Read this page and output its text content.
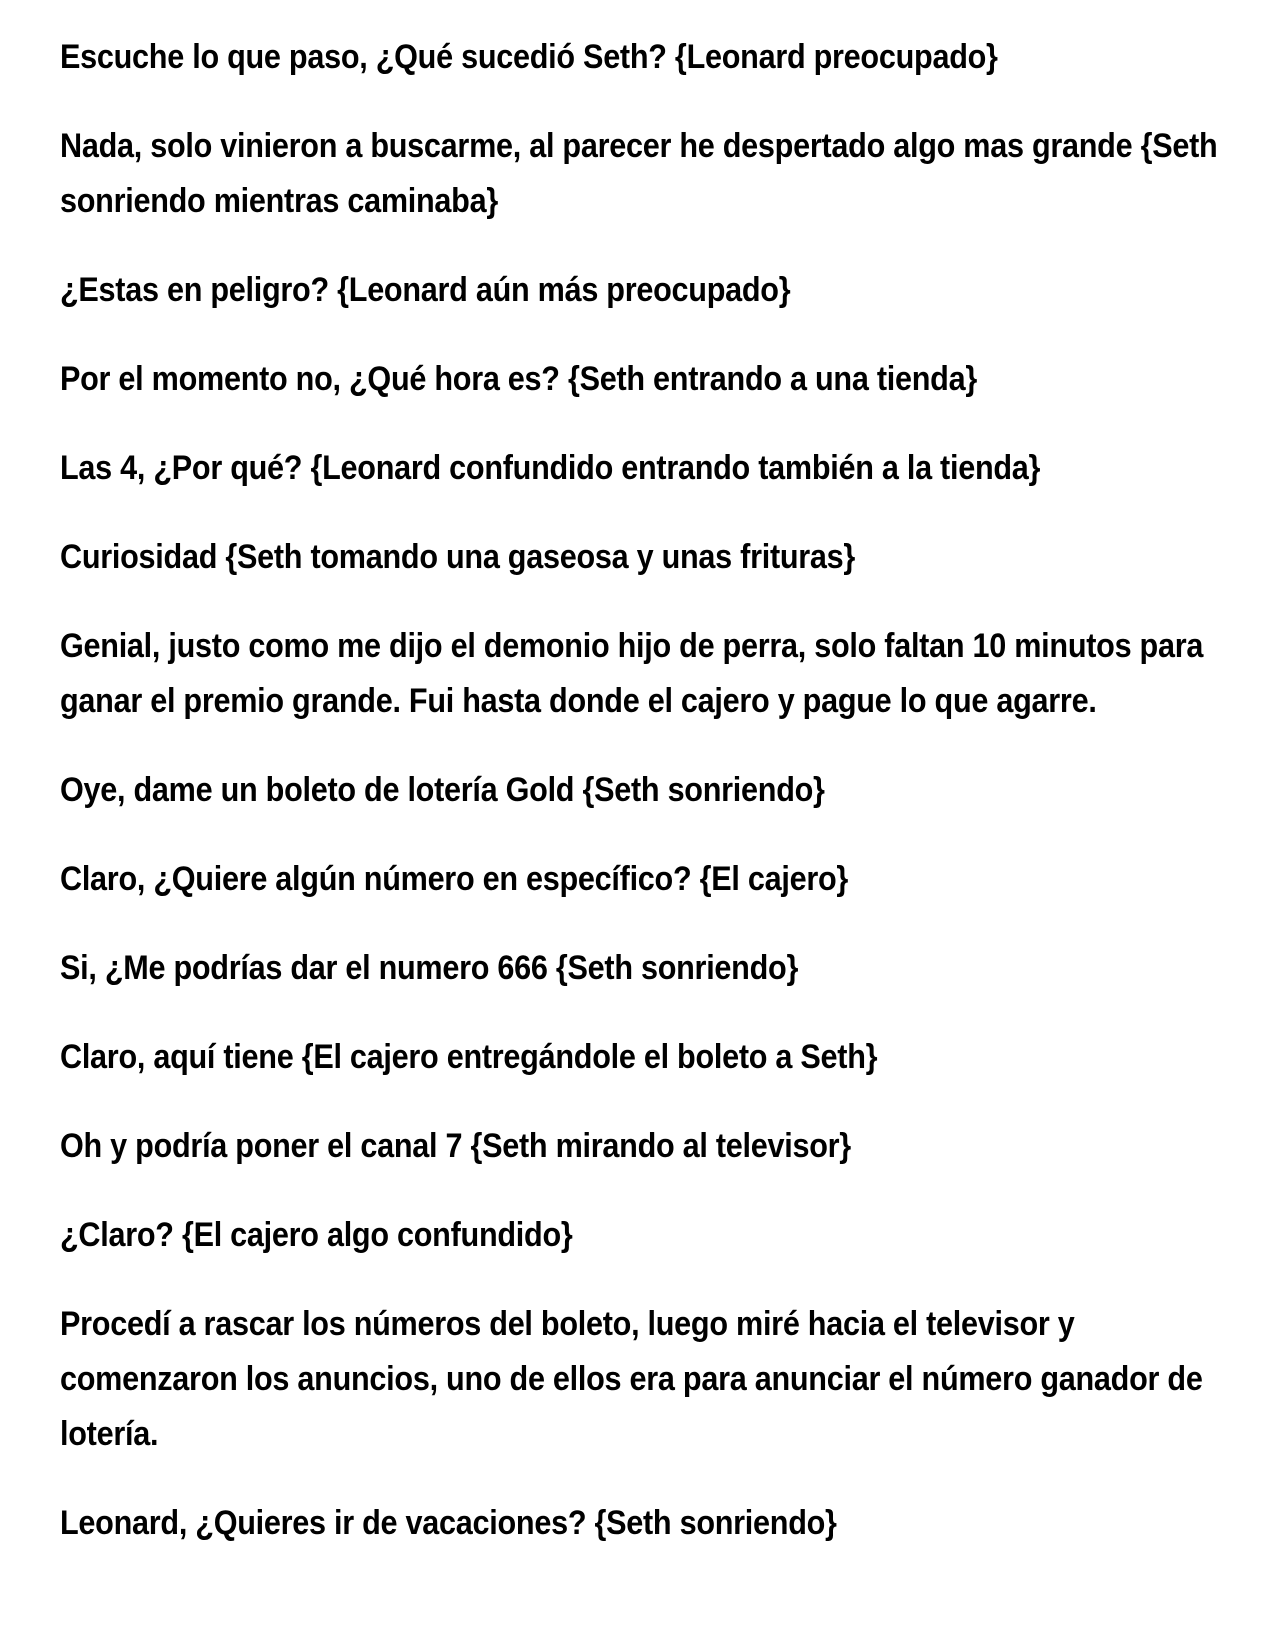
Escuche lo que paso, ¿Qué sucedió Seth? {Leonard preocupado}

Nada, solo vinieron a buscarme, al parecer he despertado algo mas grande {Seth sonriendo mientras caminaba}

¿Estas en peligro? {Leonard aún más preocupado}

Por el momento no, ¿Qué hora es? {Seth entrando a una tienda}

Las 4, ¿Por qué? {Leonard confundido entrando también a la tienda}

Curiosidad {Seth tomando una gaseosa y unas frituras}

Genial, justo como me dijo el demonio hijo de perra, solo faltan 10 minutos para ganar el premio grande. Fui hasta donde el cajero y pague lo que agarre.

Oye, dame un boleto de lotería Gold {Seth sonriendo}

Claro, ¿Quiere algún número en específico? {El cajero}

Si, ¿Me podrías dar el numero 666 {Seth sonriendo}

Claro, aquí tiene {El cajero entregándole el boleto a Seth}

Oh y podría poner el canal 7 {Seth mirando al televisor}

¿Claro? {El cajero algo confundido}

Procedí a rascar los números del boleto, luego miré hacia el televisor y comenzaron los anuncios, uno de ellos era para anunciar el número ganador de lotería.

Leonard, ¿Quieres ir de vacaciones? {Seth sonriendo}
